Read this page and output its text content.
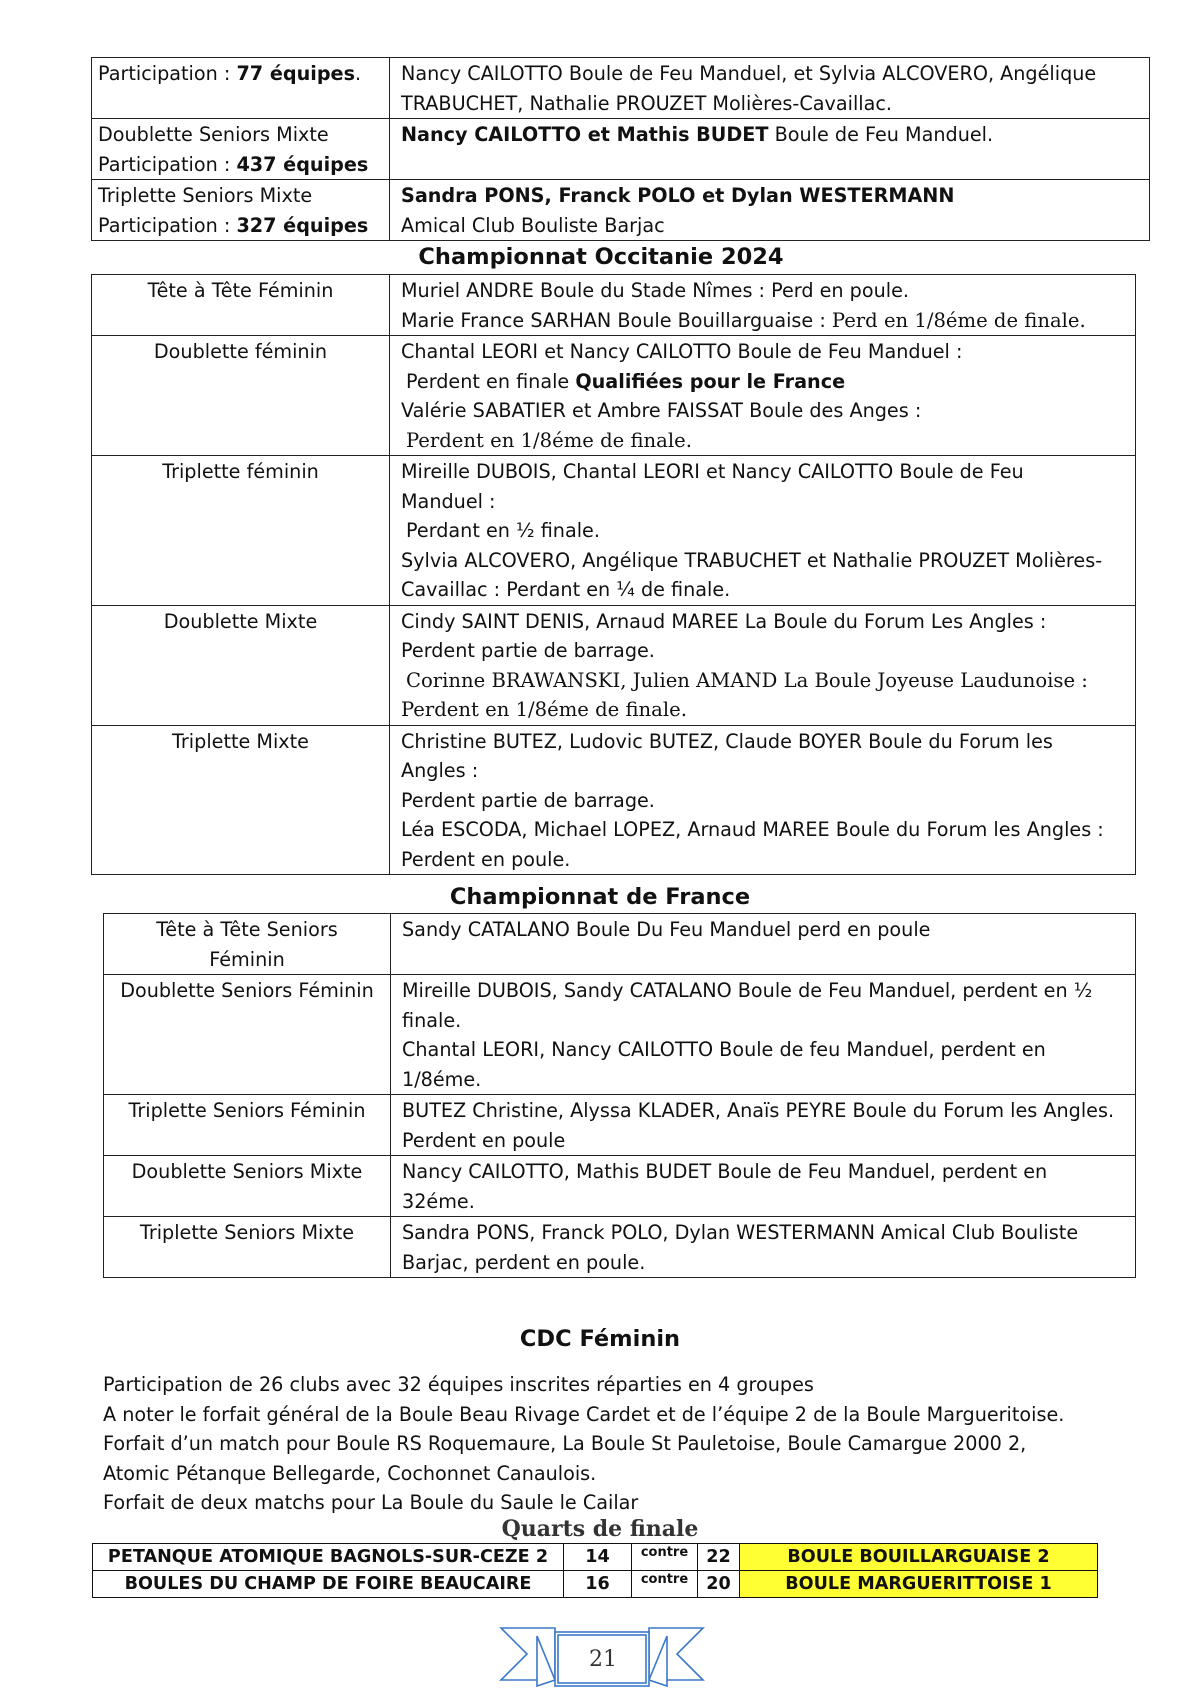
Participation : 77 équipes.	Nancy CAILOTTO Boule de Feu Manduel, et Sylvia ALCOVERO, Angélique
TRABUCHET, Nathalie PROUZET Molières-Cavaillac.

Doublette Seniors Mixte
Participation : 437 équipes	Nancy CAILOTTO et Mathis BUDET Boule de Feu Manduel.

Triplette Seniors Mixte
Participation : 327 équipes	Sandra PONS, Franck POLO et Dylan WESTERMANN
Amical Club Bouliste Barjac
Championnat Occitanie 2024
Tête à Tête Féminin	Muriel ANDRE Boule du Stade Nîmes : Perd en poule.
Marie France SARHAN Boule Bouillarguaise : Perd en 1/8éme de finale.

Doublette féminin	Chantal LEORI et Nancy CAILOTTO Boule de Feu Manduel :
Perdent en finale Qualifiées pour le France
Valérie SABATIER et Ambre FAISSAT Boule des Anges :
Perdent en 1/8éme de finale.

Triplette féminin	Mireille DUBOIS, Chantal LEORI et Nancy CAILOTTO Boule de Feu
Manduel :
Perdant en ½ finale.
Sylvia ALCOVERO, Angélique TRABUCHET et Nathalie PROUZET Molières-
Cavaillac : Perdant en ¼ de finale.

Doublette Mixte	Cindy SAINT DENIS, Arnaud MAREE La Boule du Forum Les Angles :
Perdent partie de barrage.
Corinne BRAWANSKI, Julien AMAND La Boule Joyeuse Laudunoise :
Perdent en 1/8éme de finale.

Triplette Mixte	Christine BUTEZ, Ludovic BUTEZ, Claude BOYER Boule du Forum les
Angles :
Perdent partie de barrage.
Léa ESCODA, Michael LOPEZ, Arnaud MAREE Boule du Forum les Angles :
Perdent en poule.
Championnat de France
Tête à Tête Seniors
Féminin	Sandy CATALANO Boule Du Feu Manduel perd en poule

Doublette Seniors Féminin	Mireille DUBOIS, Sandy CATALANO Boule de Feu Manduel, perdent en ½
finale.
Chantal LEORI, Nancy CAILOTTO Boule de feu Manduel, perdent en
1/8éme.

Triplette Seniors Féminin	BUTEZ Christine, Alyssa KLADER, Anaïs PEYRE Boule du Forum les Angles.
Perdent en poule

Doublette Seniors Mixte	Nancy CAILOTTO, Mathis BUDET Boule de Feu Manduel, perdent en
32éme.

Triplette Seniors Mixte	Sandra PONS, Franck POLO, Dylan WESTERMANN Amical Club Bouliste
Barjac, perdent en poule.
CDC Féminin
Participation de 26 clubs avec 32 équipes inscrites réparties en 4 groupes
A noter le forfait général de la Boule Beau Rivage Cardet et de l’équipe 2 de la Boule Margueritoise.
Forfait d’un match pour Boule RS Roquemaure, La Boule St Pauletoise, Boule Camargue 2000 2,
Atomic Pétanque Bellegarde, Cochonnet Canaulois.
Forfait de deux matchs pour La Boule du Saule le Cailar
Quarts de finale
PETANQUE ATOMIQUE BAGNOLS-SUR-CEZE 2	14	contre	22	BOULE BOUILLARGUAISE 2
BOULES DU CHAMP DE FOIRE BEAUCAIRE	16	contre	20	BOULE MARGUERITTOISE 1
21
